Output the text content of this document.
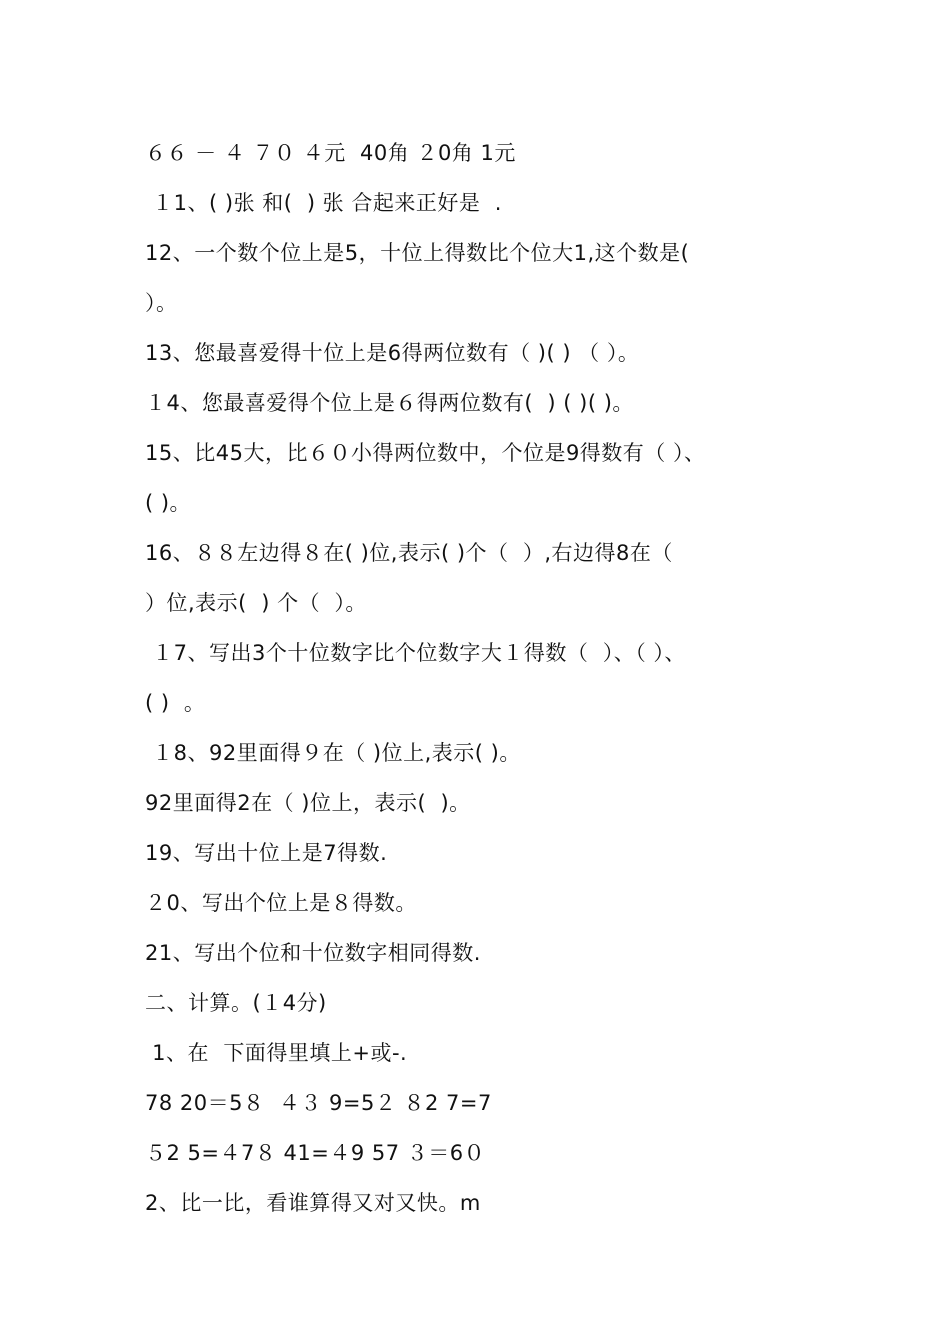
６６ － ４ ７０ ４元  40角 ２0角 1元
１1、( )张 和(  ) 张 合起来正好是  .
12、一个数个位上是5，十位上得数比个位大1,这个数是(
）。
13、您最喜爱得十位上是6得两位数有（ )( ) （ ）。
１4、您最喜爱得个位上是６得两位数有(  ) ( )( )。
15、比45大，比６０小得两位数中，个位是9得数有（ ）、
( )。
16、８８左边得８在( )位,表示( )个（  ）,右边得8在（
）位,表示(  ) 个（  ）。
１7、写出3个十位数字比个位数字大１得数（  ）、（ ）、
( )  。
１8、92里面得９在（ )位上,表示( )。
92里面得2在（ )位上，表示(  )。
19、写出十位上是7得数.
２0、写出个位上是８得数。
21、写出个位和十位数字相同得数.
二、计算。(１4分)
1、在  下面得里填上+或-.
78 20＝5８  ４３ 9=5２ ８2 7=7
５2 5=４7８ 41=４9 57 ３＝6０
2、比一比，看谁算得又对又快。m
